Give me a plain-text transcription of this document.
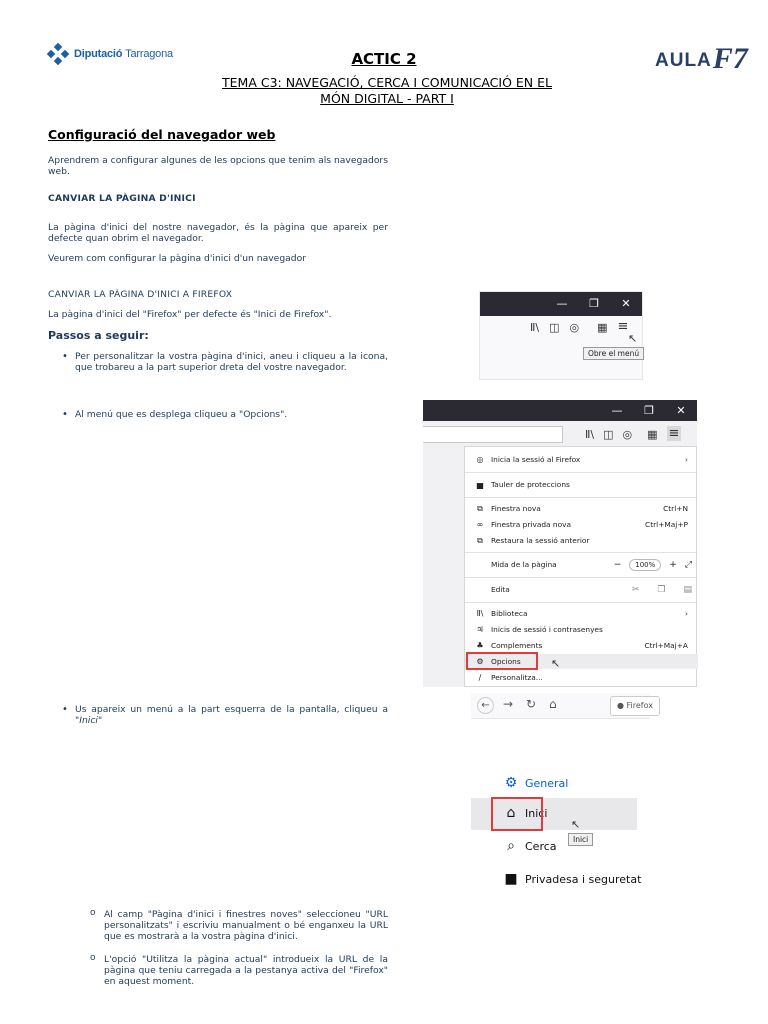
Diputació Tarragona	AULA F7
ACTIC 2
TEMA C3: NAVEGACIÓ, CERCA I COMUNICACIÓ EN EL
MÓN DIGITAL - PART I
Configuració del navegador web
Aprendrem a configurar algunes de les opcions que tenim als navegadors web.
CANVIAR LA PÀGINA D'INICI
La pàgina d'inici del nostre navegador, és la pàgina que apareix per defecte quan obrim el navegador.
Veurem com configurar la pàgina d'inici d'un navegador
CANVIAR LA PÀGINA D'INICI A FIREFOX
La pàgina d'inici del "Firefox" per defecte és "Inici de Firefox".
Passos a seguir:
• Per personalitzar la vostra pàgina d'inici, aneu i cliqueu a la icona, que trobareu a la part superior dreta del vostre navegador.
• Al menú que es desplega cliqueu a "Opcions".
• Us apareix un menú a la part esquerra de la pantalla, cliqueu a "Inici"
o Al camp "Pàgina d'inici i finestres noves" seleccioneu "URL personalitzats" i escriviu manualment o bé enganxeu la URL que es mostrarà a la vostra pàgina d'inici.
o L'opció "Utilitza la pàgina actual" introdueix la URL de la pàgina que teniu carregada a la pestanya activa del "Firefox" en aquest moment.
—	❐	✕
Ⅱ\ ◫ ◎ ▦ ≡
Obre el menú
↖
—	❐	✕
Ⅱ\ ◫ ◎ ▦ ≡
◎	Inicia la sessió al Firefox	›
▅	Tauler de proteccions
⧉	Finestra nova	Ctrl+N
∞	Finestra privada nova	Ctrl+Maj+P
⧉	Restaura la sessió anterior
Mida de la pàgina	−	100%	+ ⤢
Edita	✂ ❐ ▤
Ⅱ\	Biblioteca	›
♃	Inicis de sessió i contrasenyes
♣	Complements	Ctrl+Maj+A
⚙	Opcions	↖
∕	Personalitza...
←	→ ↻ ⌂	● Firefox
⚙ General
⌂ Inici
↖
Inici
⌕ Cerca
■ Privadesa i seguretat
